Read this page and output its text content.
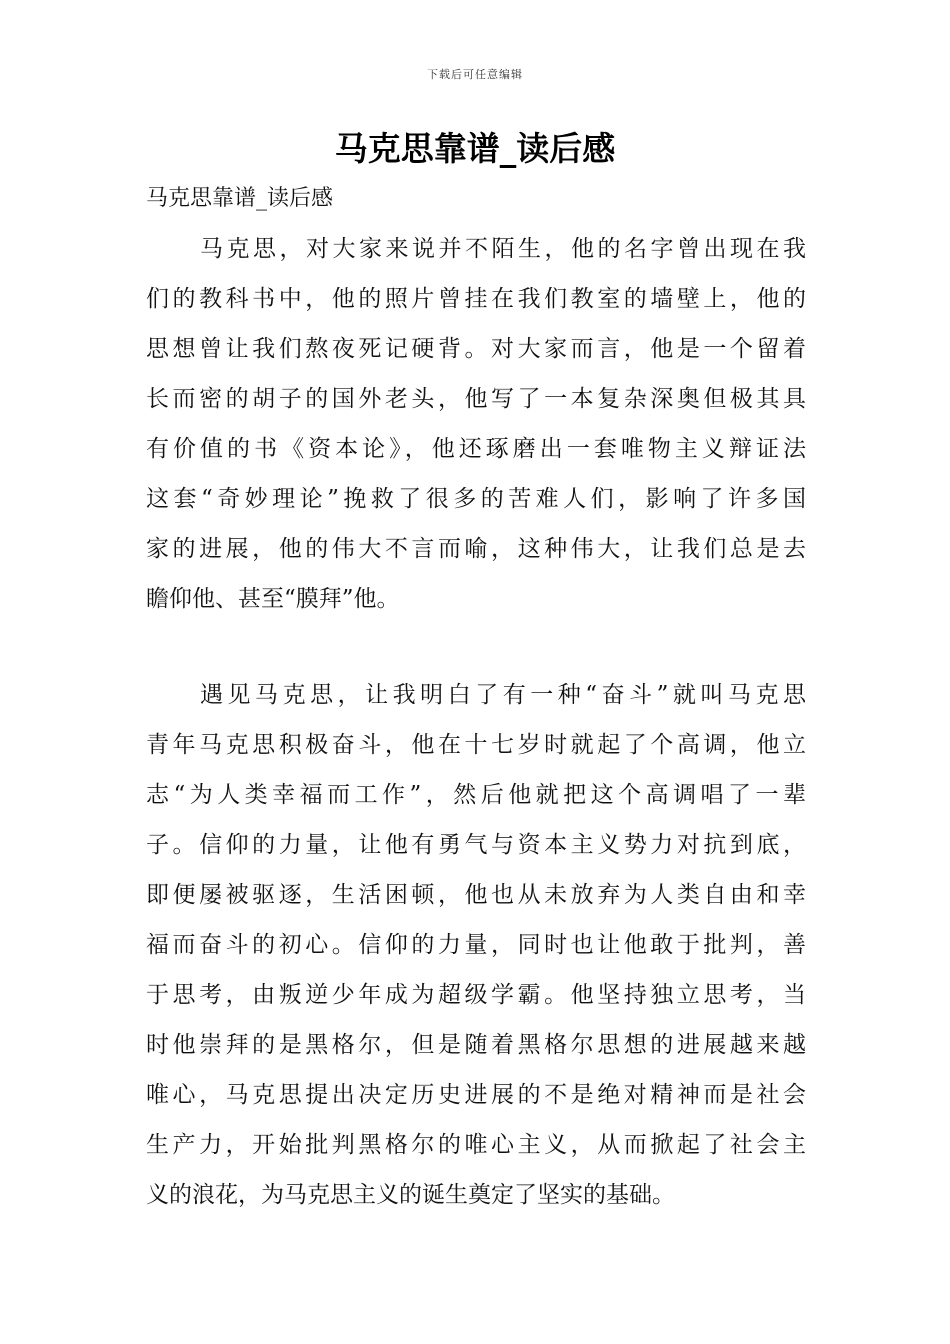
下载后可任意编辑
马克思靠谱_读后感
马克思靠谱_读后感
马克思，对大家来说并不陌生，他的名字曾出现在我
们的教科书中，他的照片曾挂在我们教室的墙壁上，他的
思想曾让我们熬夜死记硬背。对大家而言，他是一个留着
长而密的胡子的国外老头，他写了一本复杂深奥但极其具
有价值的书《资本论》，他还琢磨出一套唯物主义辩证法
这套“奇妙理论”挽救了很多的苦难人们，影响了许多国
家的进展，他的伟大不言而喻，这种伟大，让我们总是去
瞻仰他、甚至“膜拜”他。
遇见马克思，让我明白了有一种“奋斗”就叫马克思
青年马克思积极奋斗，他在十七岁时就起了个高调，他立
志“为人类幸福而工作”，然后他就把这个高调唱了一辈
子。信仰的力量，让他有勇气与资本主义势力对抗到底，
即便屡被驱逐，生活困顿，他也从未放弃为人类自由和幸
福而奋斗的初心。信仰的力量，同时也让他敢于批判，善
于思考，由叛逆少年成为超级学霸。他坚持独立思考，当
时他崇拜的是黑格尔，但是随着黑格尔思想的进展越来越
唯心，马克思提出决定历史进展的不是绝对精神而是社会
生产力，开始批判黑格尔的唯心主义，从而掀起了社会主
义的浪花，为马克思主义的诞生奠定了坚实的基础。
